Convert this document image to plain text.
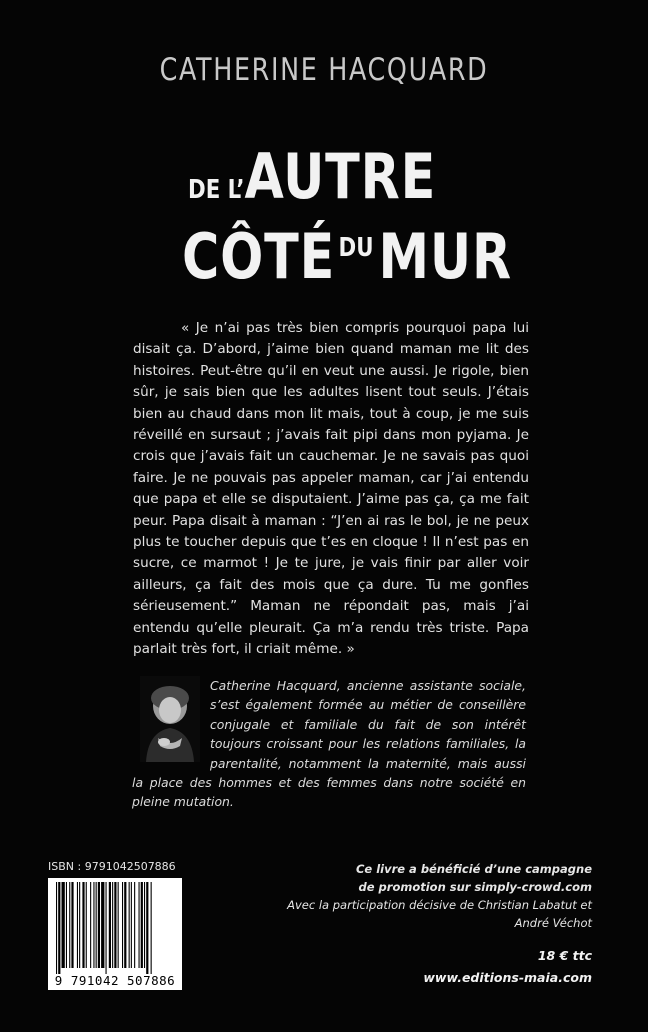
CATHERINE HACQUARD
DE L’AUTRE
CÔTÉ DUMUR

« Je n’ai pas très bien compris pourquoi papa lui disait ça. D’abord, j’aime bien quand maman me lit des histoires. Peut-être qu’il en veut une aussi. Je rigole, bien sûr, je sais bien que les adultes lisent tout seuls. J’étais bien au chaud dans mon lit mais, tout à coup, je me suis réveillé en sursaut ; j’avais fait pipi dans mon pyjama. Je crois que j’avais fait un cauchemar. Je ne savais pas quoi faire. Je ne pouvais pas appeler maman, car j’ai entendu que papa et elle se disputaient. J’aime pas ça, ça me fait peur. Papa disait à maman : “J’en ai ras le bol, je ne peux plus te toucher depuis que t’es en cloque ! Il n’est pas en sucre, ce marmot ! Je te jure, je vais finir par aller voir ailleurs, ça fait des mois que ça dure. Tu me gonfles sérieusement.” Maman ne répondait pas, mais j’ai entendu qu’elle pleurait. Ça m’a rendu très triste. Papa parlait très fort, il criait même. »

Catherine Hacquard, ancienne assistante sociale, s’est également formée au métier de conseillère conjugale et familiale du fait de son intérêt toujours croissant pour les relations familiales, la parentalité, notamment la maternité, mais aussi la place des hommes et des femmes dans notre société en pleine mutation.
ISBN : 9791042507886
9 791042 507886
Ce livre a bénéficié d’une campagne
de promotion sur simply-crowd.com
Avec la participation décisive de Christian Labatut et
André Véchot
18 € ttc
www.editions-maia.com
